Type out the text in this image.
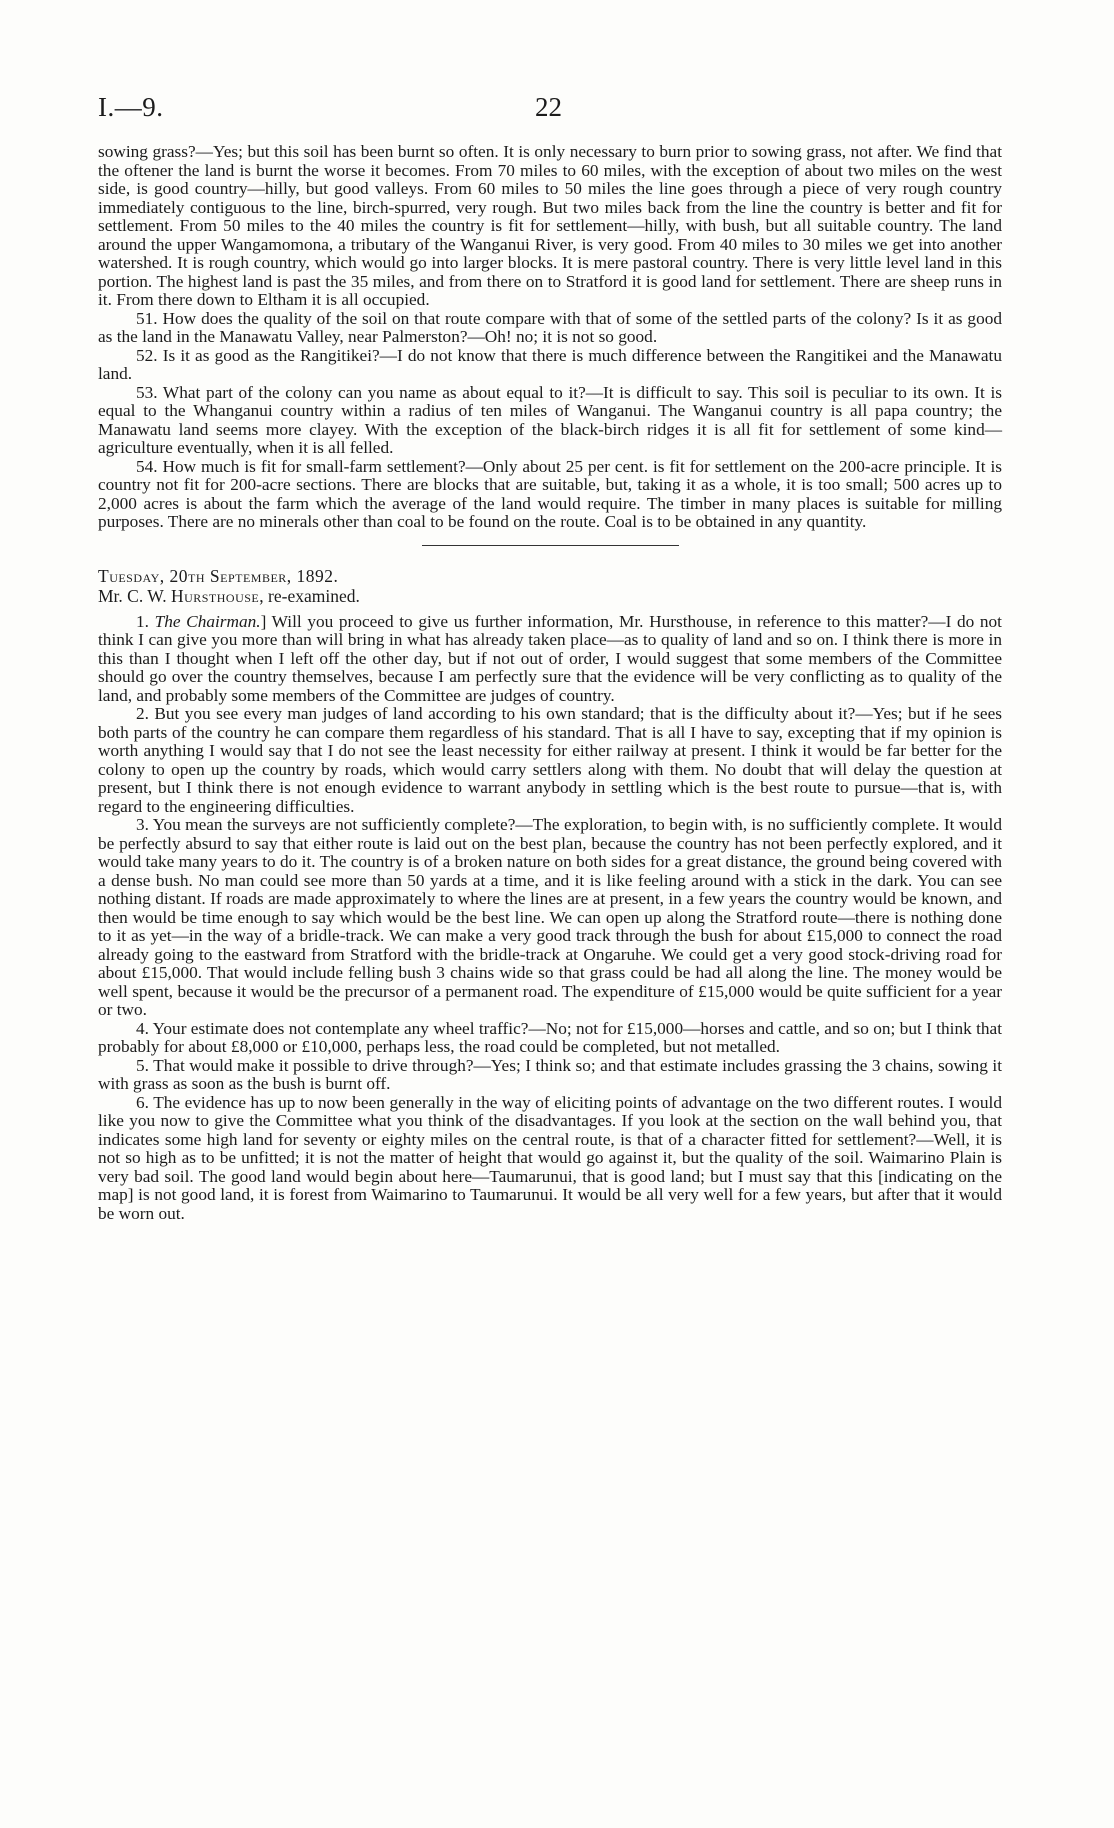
I.—9.	22

sowing grass?—Yes; but this soil has been burnt so often. It is only necessary to burn prior to sowing grass, not after. We find that the oftener the land is burnt the worse it becomes. From 70 miles to 60 miles, with the exception of about two miles on the west side, is good country—hilly, but good valleys. From 60 miles to 50 miles the line goes through a piece of very rough country immediately contiguous to the line, birch-spurred, very rough. But two miles back from the line the country is better and fit for settlement. From 50 miles to the 40 miles the country is fit for settlement—hilly, with bush, but all suitable country. The land around the upper Wangamomona, a tributary of the Wanganui River, is very good. From 40 miles to 30 miles we get into another watershed. It is rough country, which would go into larger blocks. It is mere pastoral country. There is very little level land in this portion. The highest land is past the 35 miles, and from there on to Stratford it is good land for settlement. There are sheep runs in it. From there down to Eltham it is all occupied.

51. How does the quality of the soil on that route compare with that of some of the settled parts of the colony? Is it as good as the land in the Manawatu Valley, near Palmerston?—Oh! no; it is not so good.

52. Is it as good as the Rangitikei?—I do not know that there is much difference between the Rangitikei and the Manawatu land.

53. What part of the colony can you name as about equal to it?—It is difficult to say. This soil is peculiar to its own. It is equal to the Whanganui country within a radius of ten miles of Wanganui. The Wanganui country is all papa country; the Manawatu land seems more clayey. With the exception of the black-birch ridges it is all fit for settlement of some kind—agriculture eventually, when it is all felled.

54. How much is fit for small-farm settlement?—Only about 25 per cent. is fit for settlement on the 200-acre principle. It is country not fit for 200-acre sections. There are blocks that are suitable, but, taking it as a whole, it is too small; 500 acres up to 2,000 acres is about the farm which the average of the land would require. The timber in many places is suitable for milling purposes. There are no minerals other than coal to be found on the route. Coal is to be obtained in any quantity.

Tuesday, 20th September, 1892.

Mr. C. W. Hursthouse, re-examined.

1. The Chairman.] Will you proceed to give us further information, Mr. Hursthouse, in reference to this matter?—I do not think I can give you more than will bring in what has already taken place—as to quality of land and so on. I think there is more in this than I thought when I left off the other day, but if not out of order, I would suggest that some members of the Committee should go over the country themselves, because I am perfectly sure that the evidence will be very conflicting as to quality of the land, and probably some members of the Committee are judges of country.

2. But you see every man judges of land according to his own standard; that is the difficulty about it?—Yes; but if he sees both parts of the country he can compare them regardless of his standard. That is all I have to say, excepting that if my opinion is worth anything I would say that I do not see the least necessity for either railway at present. I think it would be far better for the colony to open up the country by roads, which would carry settlers along with them. No doubt that will delay the question at present, but I think there is not enough evidence to warrant anybody in settling which is the best route to pursue—that is, with regard to the engineering difficulties.

3. You mean the surveys are not sufficiently complete?—The exploration, to begin with, is no sufficiently complete. It would be perfectly absurd to say that either route is laid out on the best plan, because the country has not been perfectly explored, and it would take many years to do it. The country is of a broken nature on both sides for a great distance, the ground being covered with a dense bush. No man could see more than 50 yards at a time, and it is like feeling around with a stick in the dark. You can see nothing distant. If roads are made approximately to where the lines are at present, in a few years the country would be known, and then would be time enough to say which would be the best line. We can open up along the Stratford route—there is nothing done to it as yet—in the way of a bridle-track. We can make a very good track through the bush for about £15,000 to connect the road already going to the eastward from Stratford with the bridle-track at Ongaruhe. We could get a very good stock-driving road for about £15,000. That would include felling bush 3 chains wide so that grass could be had all along the line. The money would be well spent, because it would be the precursor of a permanent road. The expenditure of £15,000 would be quite sufficient for a year or two.

4. Your estimate does not contemplate any wheel traffic?—No; not for £15,000—horses and cattle, and so on; but I think that probably for about £8,000 or £10,000, perhaps less, the road could be completed, but not metalled.

5. That would make it possible to drive through?—Yes; I think so; and that estimate includes grassing the 3 chains, sowing it with grass as soon as the bush is burnt off.

6. The evidence has up to now been generally in the way of eliciting points of advantage on the two different routes. I would like you now to give the Committee what you think of the disadvantages. If you look at the section on the wall behind you, that indicates some high land for seventy or eighty miles on the central route, is that of a character fitted for settlement?—Well, it is not so high as to be unfitted; it is not the matter of height that would go against it, but the quality of the soil. Waimarino Plain is very bad soil. The good land would begin about here—Taumarunui, that is good land; but I must say that this [indicating on the map] is not good land, it is forest from Waimarino to Taumarunui. It would be all very well for a few years, but after that it would be worn out.
